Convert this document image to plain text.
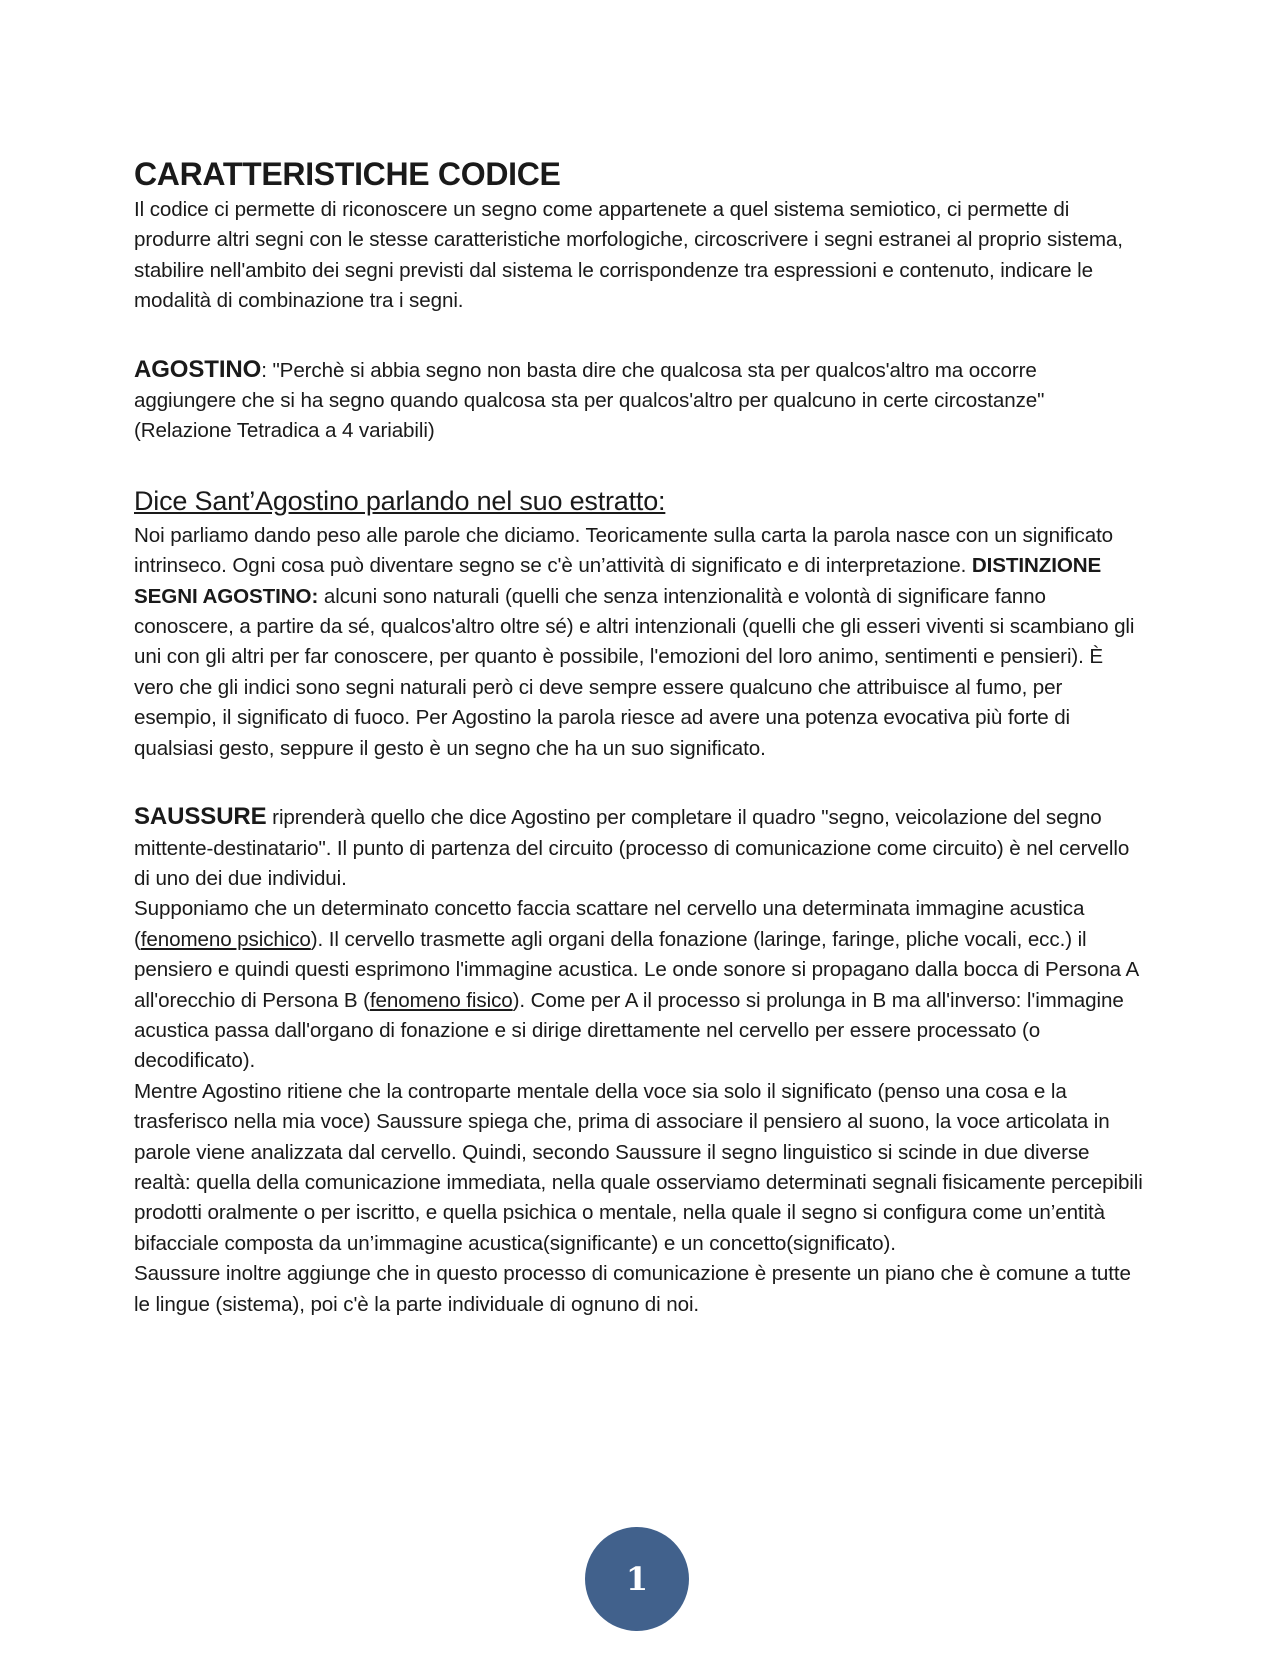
CARATTERISTICHE CODICE

Il codice ci permette di riconoscere un segno come appartenete a quel sistema semiotico, ci permette di produrre altri segni con le stesse caratteristiche morfologiche, circoscrivere i segni estranei al proprio sistema, stabilire nell'ambito dei segni previsti dal sistema le corrispondenze tra espressioni e contenuto, indicare le modalità di combinazione tra i segni.

AGOSTINO: "Perchè si abbia segno non basta dire che qualcosa sta per qualcos'altro ma occorre aggiungere che si ha segno quando qualcosa sta per qualcos'altro per qualcuno in certe circostanze" (Relazione Tetradica a 4 variabili)

Dice Sant’Agostino parlando nel suo estratto:

Noi parliamo dando peso alle parole che diciamo. Teoricamente sulla carta la parola nasce con un significato intrinseco. Ogni cosa può diventare segno se c'è un’attività di significato e di interpretazione. DISTINZIONE SEGNI AGOSTINO: alcuni sono naturali (quelli che senza intenzionalità e volontà di significare fanno conoscere, a partire da sé, qualcos'altro oltre sé) e altri intenzionali (quelli che gli esseri viventi si scambiano gli uni con gli altri per far conoscere, per quanto è possibile, l'emozioni del loro animo, sentimenti e pensieri). È vero che gli indici sono segni naturali però ci deve sempre essere qualcuno che attribuisce al fumo, per esempio, il significato di fuoco. Per Agostino la parola riesce ad avere una potenza evocativa più forte di qualsiasi gesto, seppure il gesto è un segno che ha un suo significato.

SAUSSURE riprenderà quello che dice Agostino per completare il quadro "segno, veicolazione del segno mittente-destinatario". Il punto di partenza del circuito (processo di comunicazione come circuito) è nel cervello di uno dei due individui.

Supponiamo che un determinato concetto faccia scattare nel cervello una determinata immagine acustica (fenomeno psichico). Il cervello trasmette agli organi della fonazione (laringe, faringe, pliche vocali, ecc.) il pensiero e quindi questi esprimono l'immagine acustica. Le onde sonore si propagano dalla bocca di Persona A all'orecchio di Persona B (fenomeno fisico). Come per A il processo si prolunga in B ma all'inverso: l'immagine acustica passa dall'organo di fonazione e si dirige direttamente nel cervello per essere processato (o decodificato).

Mentre Agostino ritiene che la controparte mentale della voce sia solo il significato (penso una cosa e la trasferisco nella mia voce) Saussure spiega che, prima di associare il pensiero al suono, la voce articolata in parole viene analizzata dal cervello. Quindi, secondo Saussure il segno linguistico si scinde in due diverse realtà: quella della comunicazione immediata, nella quale osserviamo determinati segnali fisicamente percepibili prodotti oralmente o per iscritto, e quella psichica o mentale, nella quale il segno si configura come un’entità bifacciale composta da un’immagine acustica(significante) e un concetto(significato).

Saussure inoltre aggiunge che in questo processo di comunicazione è presente un piano che è comune a tutte le lingue (sistema), poi c'è la parte individuale di ognuno di noi.

1
